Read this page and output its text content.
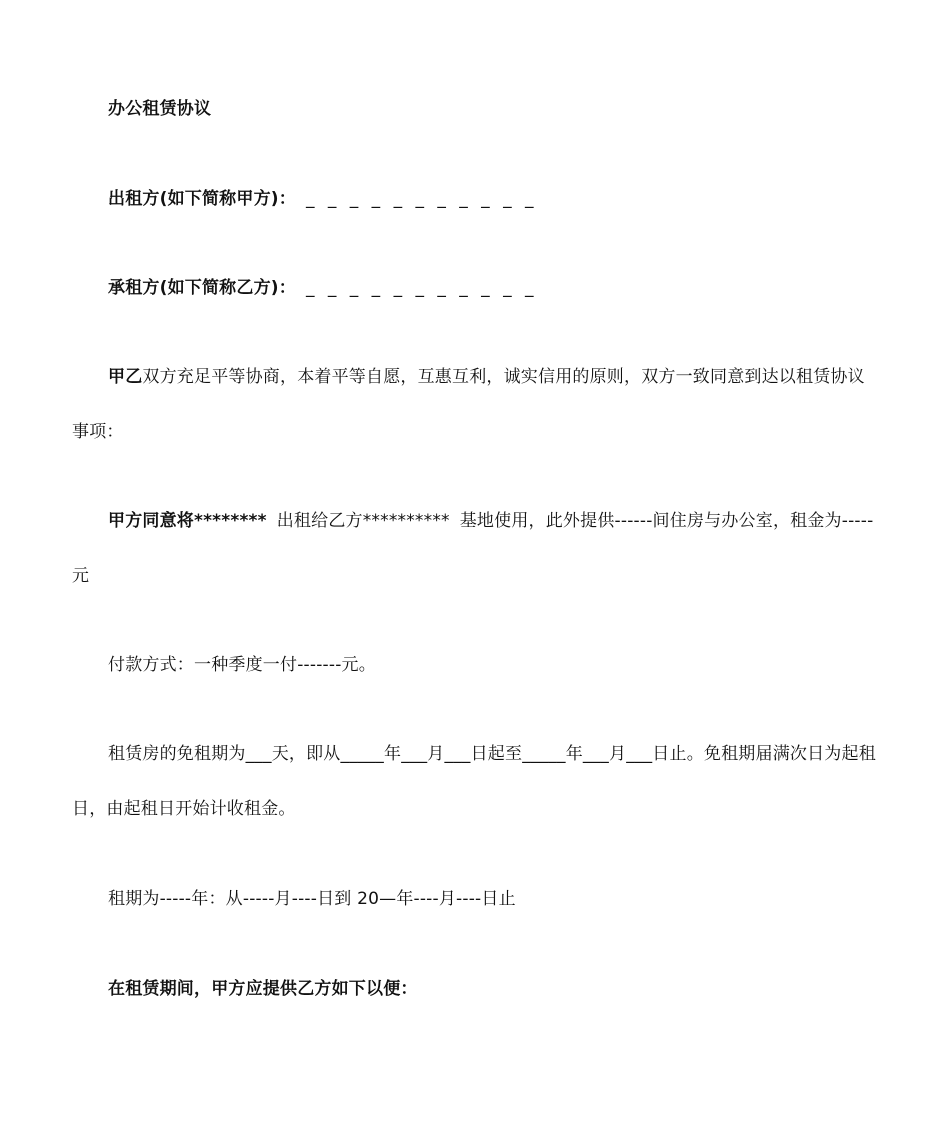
办公租赁协议
出租方(如下简称甲方)： _ _ _ _ _ _ _ _ _ _ _
承租方(如下简称乙方)： _ _ _ _ _ _ _ _ _ _ _
甲乙双方充足平等协商，本着平等自愿，互惠互利，诚实信用的原则，双方一致同意到达以租赁协议事项：
甲方同意将******** 出租给乙方********** 基地使用，此外提供------间住房与办公室，租金为-----元
付款方式：一种季度一付-------元。
租赁房的免租期为___天，即从_____年___月___日起至_____年___月___日止。免租期届满次日为起租日，由起租日开始计收租金。
租期为-----年：从-----月----日到 20—年----月----日止
在租赁期间，甲方应提供乙方如下以便：
